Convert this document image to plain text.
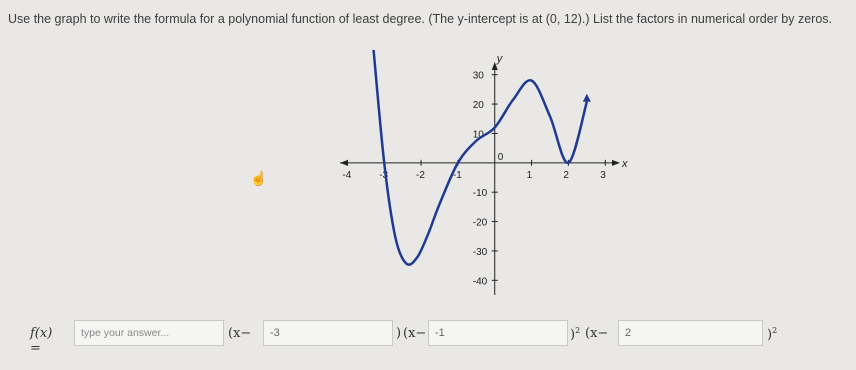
Use the graph to write the formula for a polynomial function of least degree. (The y-intercept is at (0, 12).) List the factors in numerical order by zeros.
☝
x
y
-4	-3	-2	-1
0
1	2	3
30
20
10
-10
-20
-30
-40
f(x) =
type your answer...	(x−	-3	) (x− -1	)$^2$ (x−	2	)$^2$
